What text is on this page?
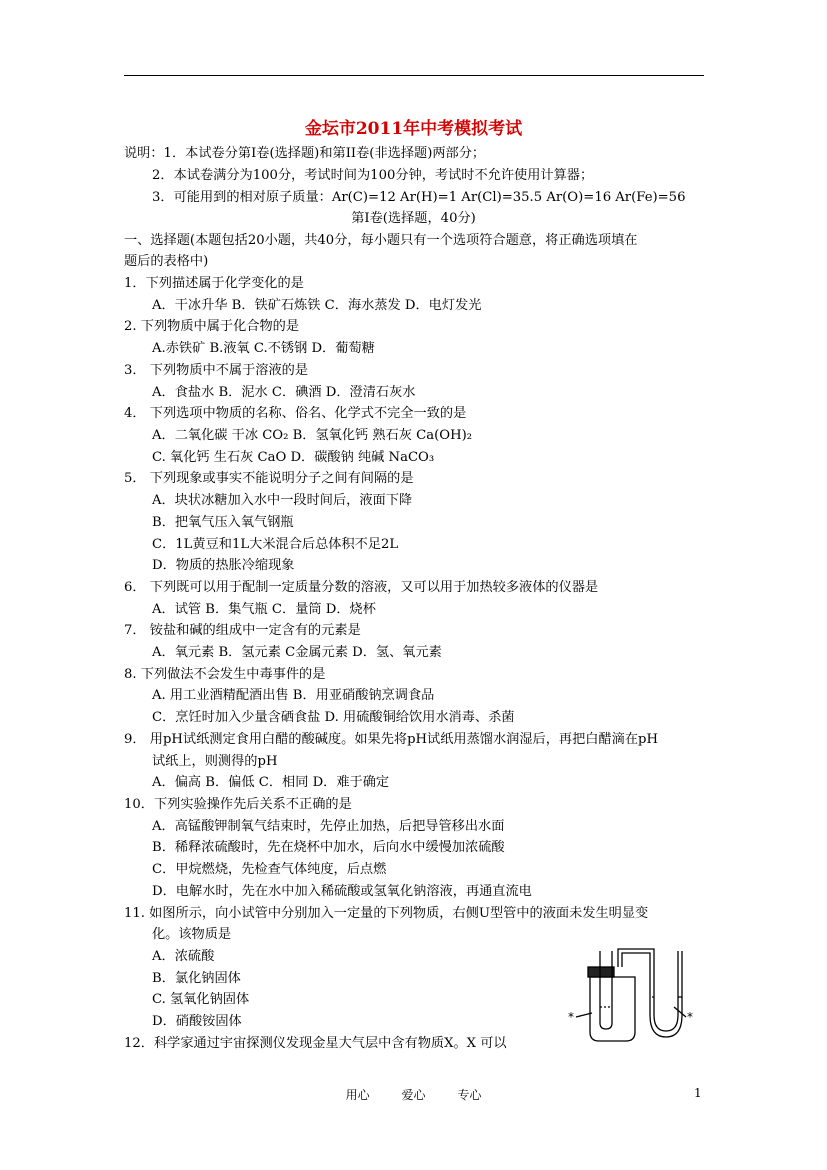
金坛市2011年中考模拟考试
说明：1．本试卷分第Ⅰ卷(选择题)和第II卷(非选择题)两部分；
2．本试卷满分为100分，考试时间为100分钟，考试时不允许使用计算器；
3．可能用到的相对原子质量：Ar(C)=12 Ar(H)=1 Ar(Cl)=35.5 Ar(O)=16 Ar(Fe)=56
第Ⅰ卷(选择题，40分)
一、选择题(本题包括20小题，共40分，每小题只有一个选项符合题意，将正确选项填在
题后的表格中)
1．下列描述属于化学变化的是
A．干冰升华 B．铁矿石炼铁 C．海水蒸发 D．电灯发光
2. 下列物质中属于化合物的是
A.赤铁矿 B.液氧 C.不锈钢 D．葡萄糖
3． 下列物质中不属于溶液的是
A．食盐水 B．泥水 C．碘酒 D．澄清石灰水
4． 下列选项中物质的名称、俗名、化学式不完全一致的是
A．二氧化碳 干冰 CO₂ B．氢氧化钙 熟石灰 Ca(OH)₂
C. 氧化钙 生石灰 CaO D．碳酸钠 纯碱 NaCO₃
5． 下列现象或事实不能说明分子之间有间隔的是
A．块状冰糖加入水中一段时间后，液面下降
B．把氧气压入氧气钢瓶
C．1L黄豆和1L大米混合后总体积不足2L
D．物质的热胀冷缩现象
6． 下列既可以用于配制一定质量分数的溶液，又可以用于加热较多液体的仪器是
A．试管 B．集气瓶 C．量筒 D．烧杯
7． 铵盐和碱的组成中一定含有的元素是
A．氧元素 B．氢元素 C金属元素 D．氢、氧元素
8. 下列做法不会发生中毒事件的是
A. 用工业酒精配酒出售 B．用亚硝酸钠烹调食品
C．烹饪时加入少量含硒食盐 D. 用硫酸铜给饮用水消毒、杀菌
9． 用pH试纸测定食用白醋的酸碱度。如果先将pH试纸用蒸馏水润湿后，再把白醋滴在pH
试纸上，则测得的pH
A．偏高 B．偏低 C．相同 D．难于确定
10．下列实验操作先后关系不正确的是
A．高锰酸钾制氧气结束时，先停止加热，后把导管移出水面
B．稀释浓硫酸时，先在烧杯中加水，后向水中缓慢加浓硫酸
C．甲烷燃烧，先检查气体纯度，后点燃
D．电解水时，先在水中加入稀硫酸或氢氧化钠溶液，再通直流电
11. 如图所示，向小试管中分别加入一定量的下列物质，右侧U型管中的液面未发生明显变
化。该物质是
A．浓硫酸
B．氯化钠固体
C. 氢氧化钠固体
D．硝酸铵固体
12．科学家通过宇宙探测仪发现金星大气层中含有物质X。X 可以
*	*
用心	爱心	专心	1
